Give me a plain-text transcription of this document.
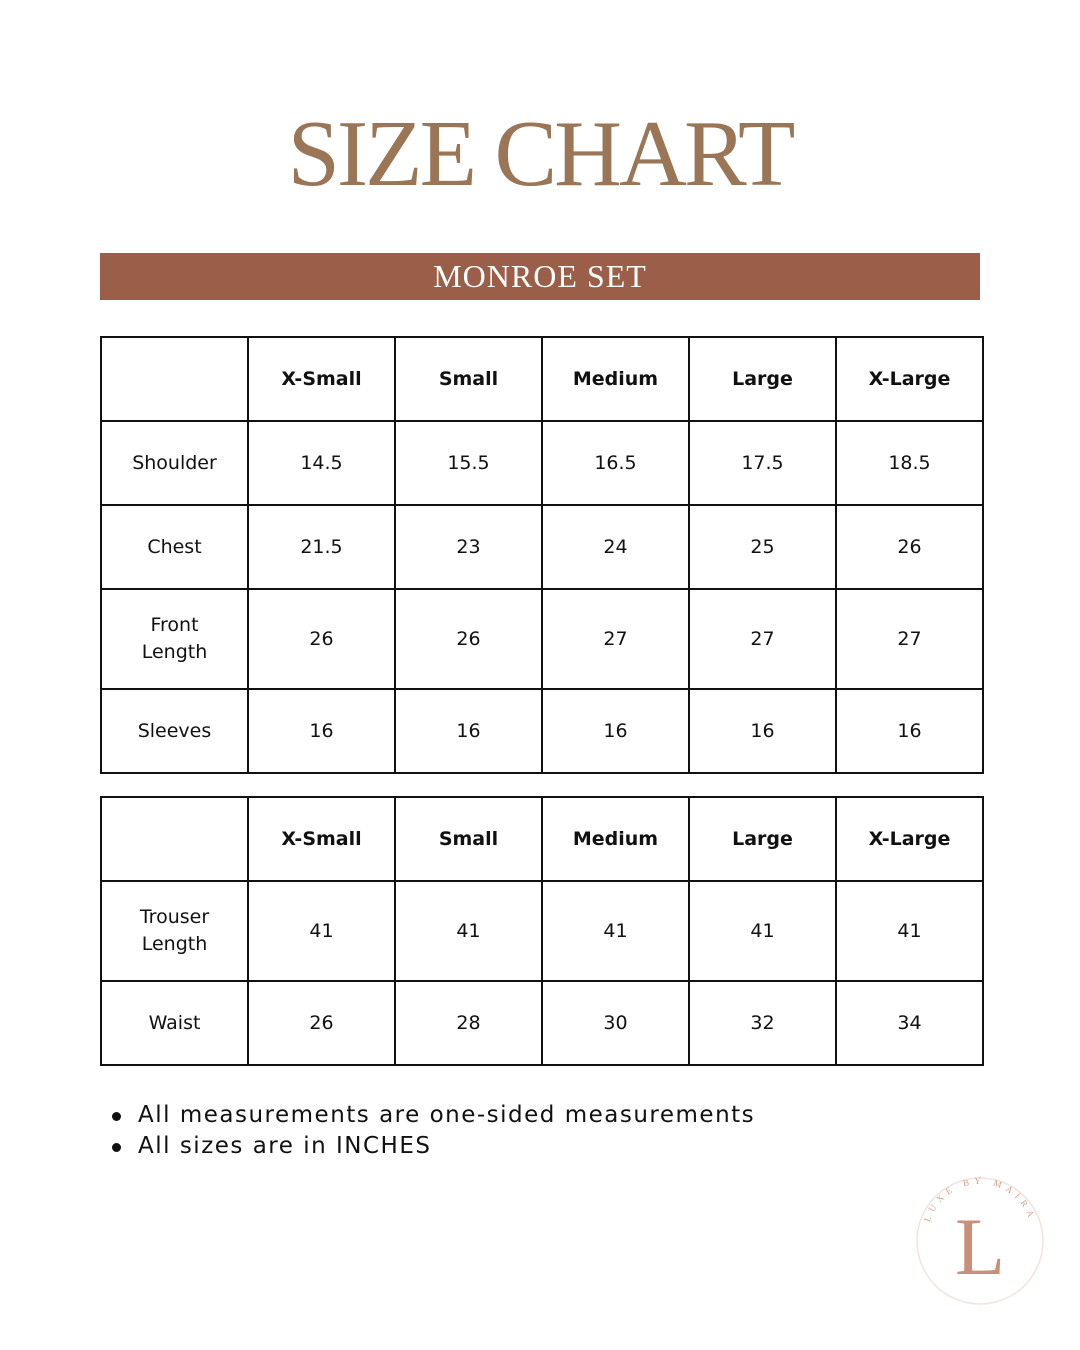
SIZE CHART
MONROE SET
	X-Small	Small	Medium	Large	X-Large
Shoulder	14.5	15.5	16.5	17.5	18.5
Chest	21.5	23	24	25	26
Front
Length	26	26	27	27	27
Sleeves	16	16	16	16	16
	X-Small	Small	Medium	Large	X-Large
Trouser
Length	41	41	41	41	41
Waist	26	28	30	32	34
All measurements are one-sided measurements
All sizes are in INCHES
LUXE BY MAIRA
L
